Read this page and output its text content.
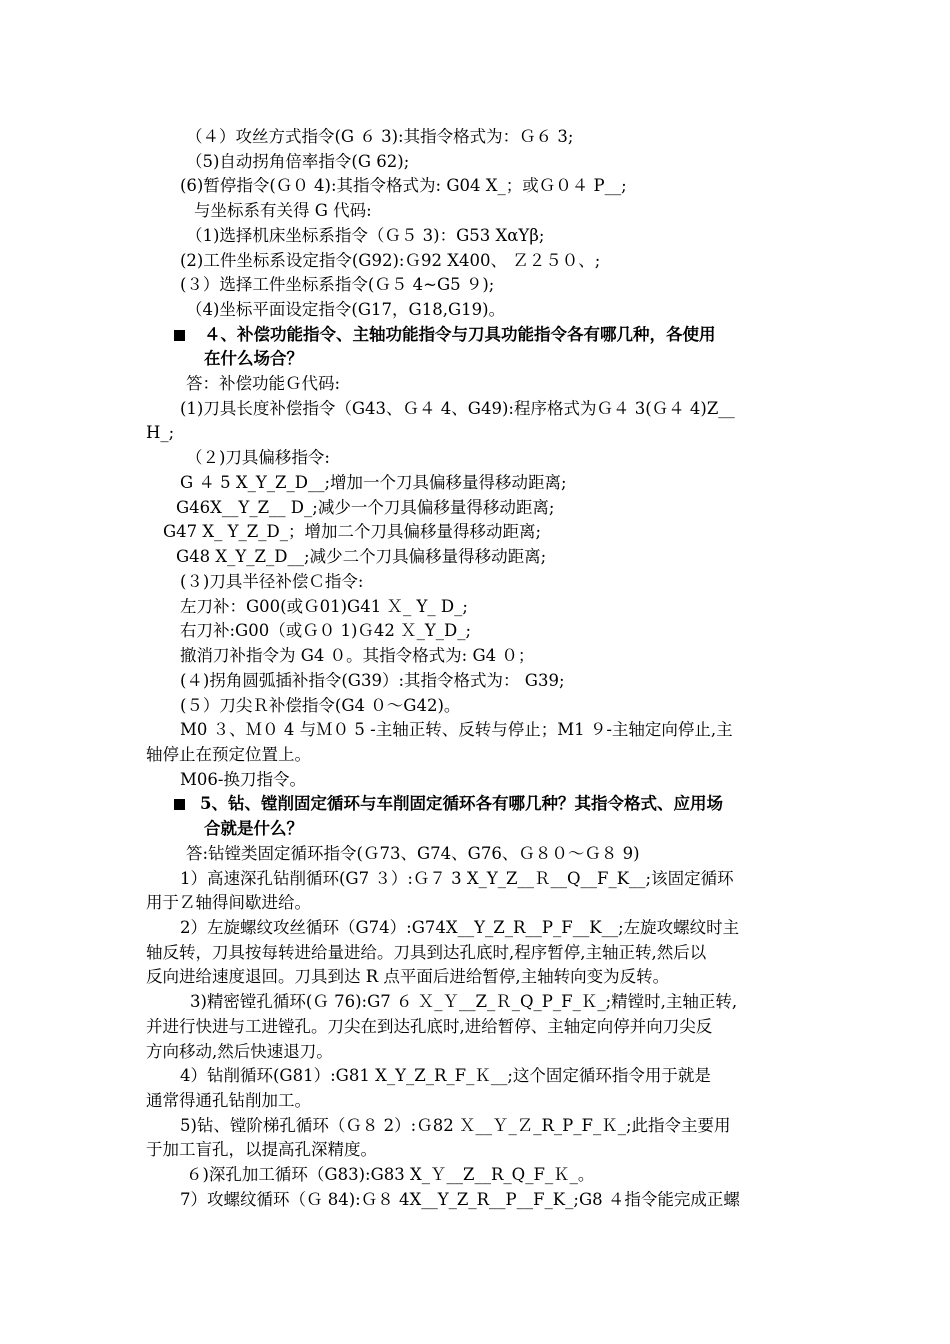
（４）攻丝方式指令(G ６ 3):其指令格式为：Ｇ６ 3;
（5)自动拐角倍率指令(G 62);
(6)暂停指令(Ｇ０ 4):其指令格式为: G04 X_；或Ｇ０４ P__;
与坐标系有关得 G 代码:
（1)选择机床坐标系指令（Ｇ５ 3)：G53 XαYβ;
(2)工件坐标系设定指令(G92):Ｇ92 X400、 Ｚ２５０、;
(３）选择工件坐标系指令(Ｇ５ 4~G5 ９);
（4)坐标平面设定指令(G17，G18,G19)。
４、补偿功能指令、主轴功能指令与刀具功能指令各有哪几种，各使用
在什么场合？
答：补偿功能Ｇ代码:
(1)刀具长度补偿指令（G43、Ｇ４ 4、G49):程序格式为Ｇ４ 3(Ｇ４ 4)Z__
H_;
（２)刀具偏移指令:
G ４ 5 X_Y_Z_D__;增加一个刀具偏移量得移动距离;
G46X__Y_Z__ D_;减少一个刀具偏移量得移动距离;
G47 X_ Y_Z_D_；增加二个刀具偏移量得移动距离;
G48 X_Y_Z_D__;减少二个刀具偏移量得移动距离;
(３)刀具半径补偿Ｃ指令:
左刀补：G00(或Ｇ01)G41 Ｘ_ Y_ D_;
右刀补:G00（或Ｇ０ 1)Ｇ42 Ｘ_Y_D_;
撤消刀补指令为 G4 ０。其指令格式为: G4 ０；
(４)拐角圆弧插补指令(G39）:其指令格式为： G39;
(５）刀尖Ｒ补偿指令(G4 ０～G42)。
M0 ３、Ｍ０ 4 与Ｍ０ 5 -主轴正转、反转与停止；M1 ９-主轴定向停止,主
轴停止在预定位置上。
M06-换刀指令。
5、钻、镗削固定循环与车削固定循环各有哪几种？其指令格式、应用场
合就是什么？
答:钻镗类固定循环指令(Ｇ73、G74、G76、Ｇ８０～Ｇ８ 9)
1）高速深孔钻削循环(G7 ３）:Ｇ７ 3 X_Y_Z__Ｒ__Q__F_K__;该固定循环
用于Ｚ轴得间歇进给。
2）左旋螺纹攻丝循环（G74）:G74X__Y_Z_R__P_F__K__;左旋攻螺纹时主
轴反转，刀具按每转进给量进给。刀具到达孔底时,程序暂停,主轴正转,然后以
反向进给速度退回。刀具到达 R 点平面后进给暂停,主轴转向变为反转。
3)精密镗孔循环(Ｇ 76):G7 ６ Ｘ_Ｙ__Z_Ｒ_Q_P_F_Ｋ_;精镗时,主轴正转,
并进行快进与工进镗孔。刀尖在到达孔底时,进给暂停、主轴定向停并向刀尖反
方向移动,然后快速退刀。
4）钻削循环(G81）:G81 X_Y_Z_R_F_Ｋ__;这个固定循环指令用于就是
通常得通孔钻削加工。
5)钻、镗阶梯孔循环（Ｇ８ 2）:Ｇ82 Ｘ__Ｙ_Ｚ_R_P_F_Ｋ_;此指令主要用
于加工盲孔，以提高孔深精度。
６)深孔加工循环（G83):G83 X_Ｙ__Z__R_Q_F_Ｋ_。
7）攻螺纹循环（Ｇ 84):Ｇ８ 4X__Y_Z_R__P__F_K_;G8 ４指令能完成正螺
